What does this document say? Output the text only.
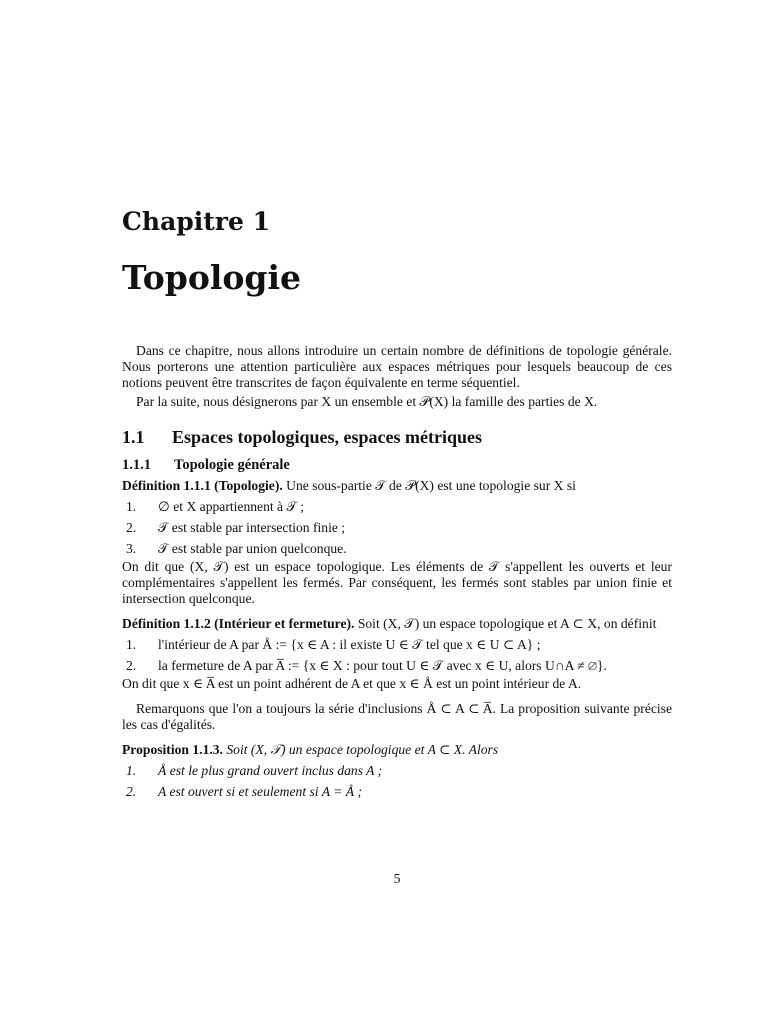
Chapitre 1
Topologie

Dans ce chapitre, nous allons introduire un certain nombre de définitions de topologie générale. Nous porterons une attention particulière aux espaces métriques pour lesquels beaucoup de ces notions peuvent être transcrites de façon équivalente en terme séquentiel.

Par la suite, nous désignerons par X un ensemble et 𝒫(X) la famille des parties de X.

1.1 Espaces topologiques, espaces métriques
1.1.1 Topologie générale

Définition 1.1.1 (Topologie). Une sous-partie 𝒯 de 𝒫(X) est une topologie sur X si

1. ∅ et X appartiennent à 𝒯 ;
2. 𝒯 est stable par intersection finie ;
3. 𝒯 est stable par union quelconque.

On dit que (X, 𝒯) est un espace topologique. Les éléments de 𝒯 s'appellent les ouverts et leur complémentaires s'appellent les fermés. Par conséquent, les fermés sont stables par union finie et intersection quelconque.

Définition 1.1.2 (Intérieur et fermeture). Soit (X, 𝒯) un espace topologique et A ⊂ X, on définit

1. l'intérieur de A par Å := {x ∈ A : il existe U ∈ 𝒯 tel que x ∈ U ⊂ A} ;
2. la fermeture de A par A̅ := {x ∈ X : pour tout U ∈ 𝒯 avec x ∈ U, alors U∩A ≠ ∅}.

On dit que x ∈ A̅ est un point adhérent de A et que x ∈ Å est un point intérieur de A.

Remarquons que l'on a toujours la série d'inclusions Å ⊂ A ⊂ A̅. La proposition suivante précise les cas d'égalités.

Proposition 1.1.3. Soit (X, 𝒯) un espace topologique et A ⊂ X. Alors

1. Å est le plus grand ouvert inclus dans A ;
2. A est ouvert si et seulement si A = Å ;
5
